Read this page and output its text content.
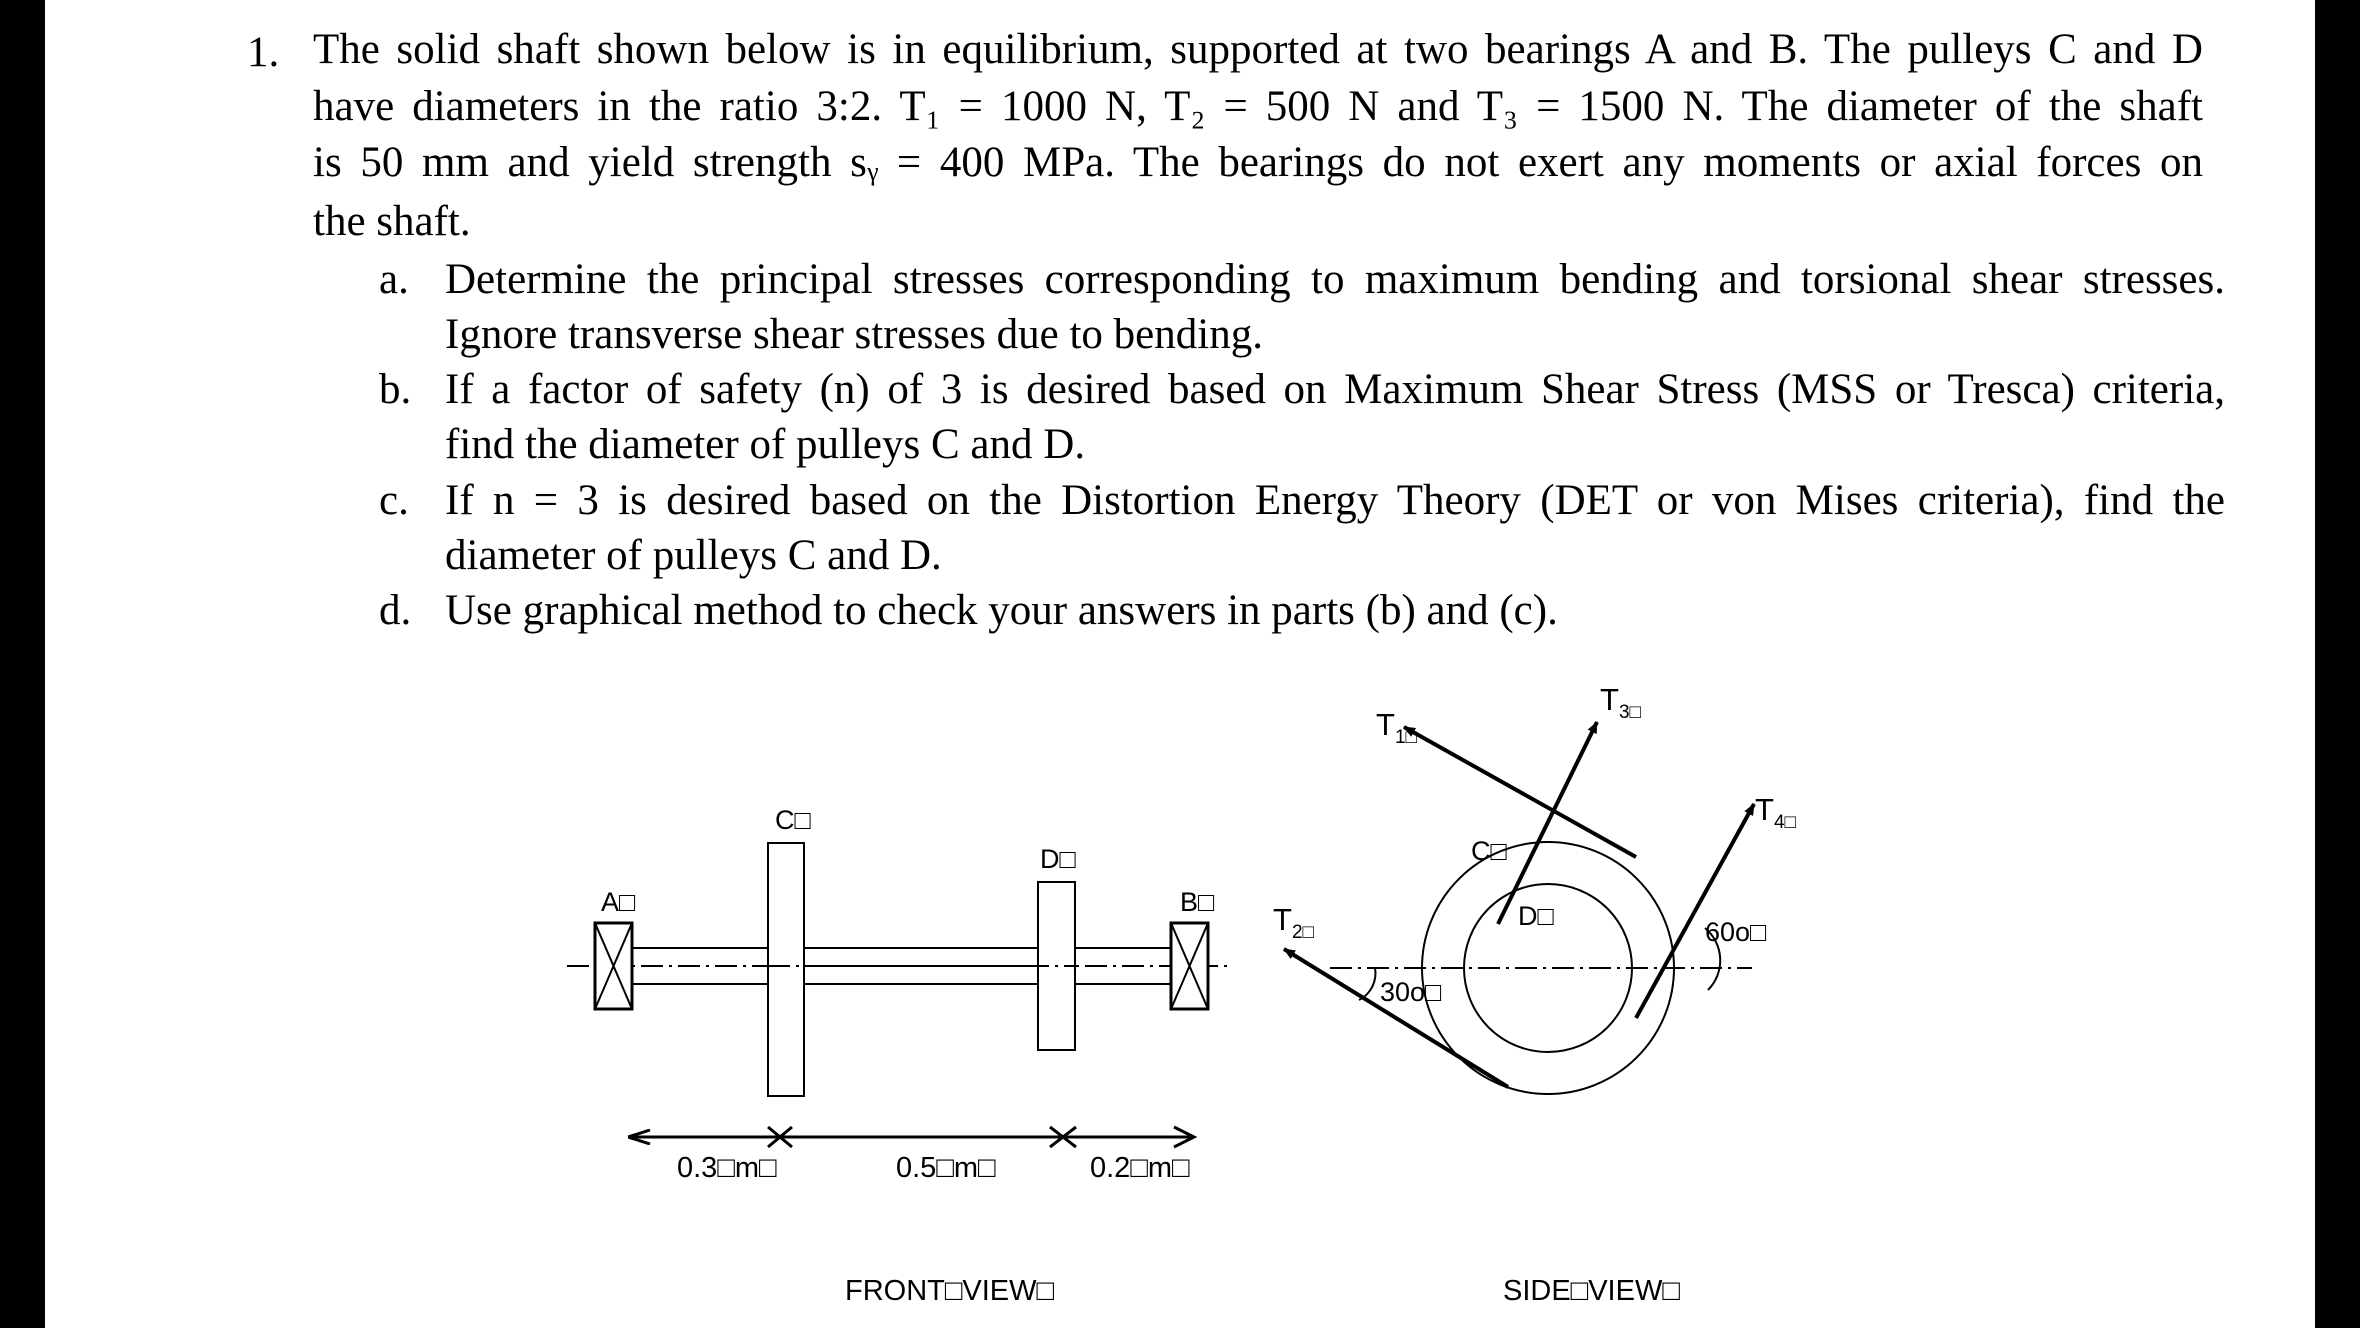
1. The solid shaft shown below is in equilibrium, supported at two bearings A and B. The pulleys C and D
have diameters in the ratio 3:2. T₁ = 1000 N, T₂ = 500 N and T₃ = 1500 N. The diameter of the shaft
is 50 mm and yield strength sᵧ = 400 MPa. The bearings do not exert any moments or axial forces on
the shaft.
a. Determine the principal stresses corresponding to maximum bending and torsional shear stresses.
Ignore transverse shear stresses due to bending.
b. If a factor of safety (n) of 3 is desired based on Maximum Shear Stress (MSS or Tresca) criteria,
find the diameter of pulleys C and D.
c. If n = 3 is desired based on the Distortion Energy Theory (DET or von Mises criteria), find the
diameter of pulleys C and D.
d. Use graphical method to check your answers in parts (b) and (c).
A□
C□
D□
B□
0.3□m□	0.5□m□	0.2□m□
FRONT□VIEW□
$T_{1□}$
$T_{2□}$
$T_{3□}$
$T_{4□}$
C□
D□
30o□
60o□
SIDE□VIEW□
